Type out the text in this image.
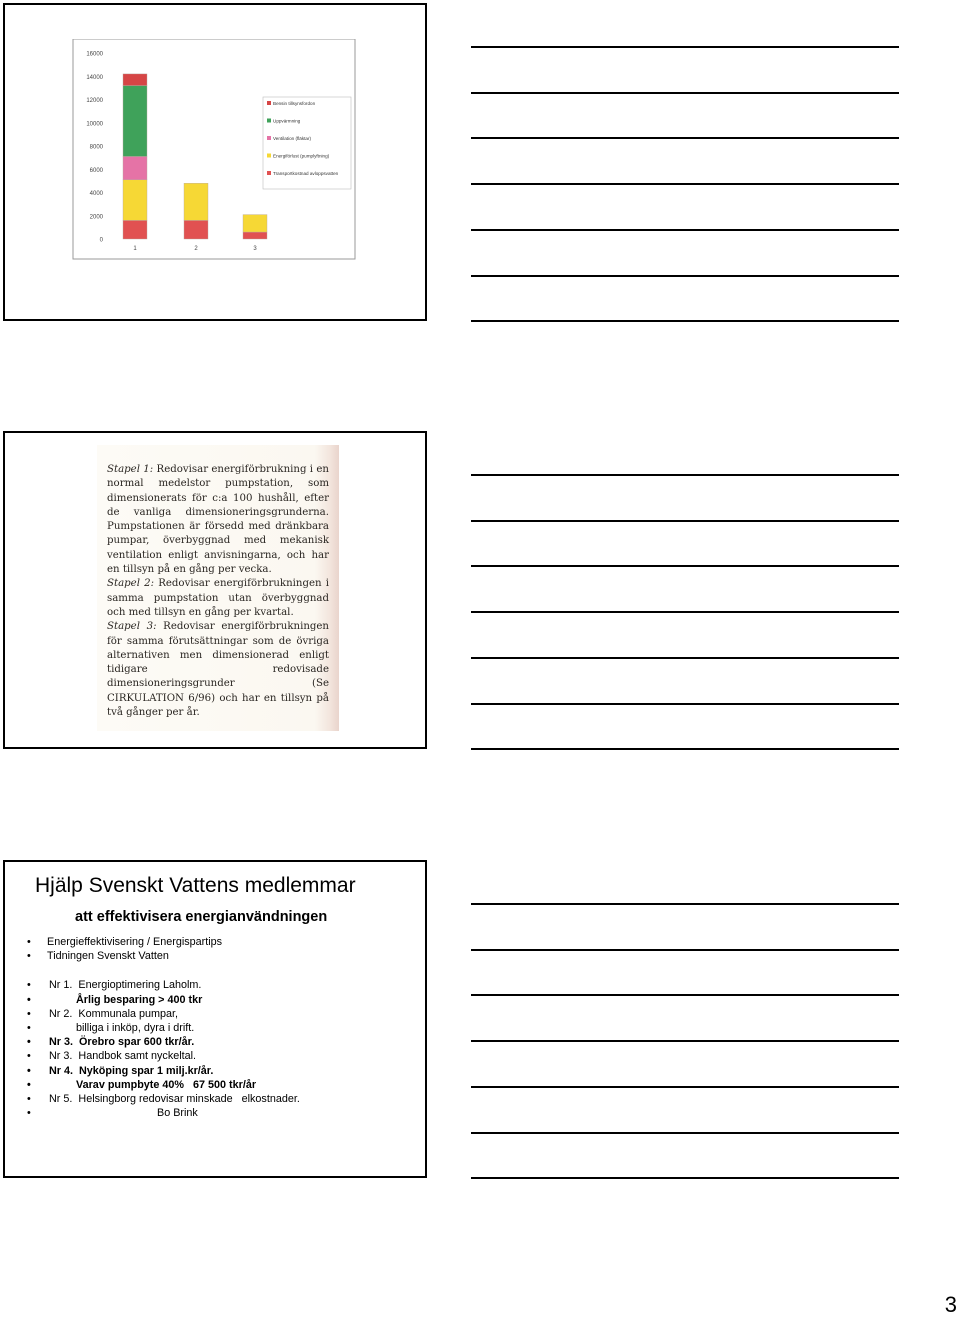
0
2000
4000
6000
8000
10000
12000
14000
16000
1	2	3
Bensin tillsynsfordon
Uppvärmning
Ventilation (fläktar)
Energiförlust (pumplyftning)
Transportkostnad avloppsvatten

Stapel 1: Redovisar energiförbrukning i en normal medelstor pumpstation, som dimensionerats för c:a 100 hushåll, efter de vanliga dimensioneringsgrunderna. Pumpstationen är försedd med dränkbara pumpar, överbyggnad med mekanisk ventilation enligt anvisningarna, och har en tillsyn på en gång per vecka.

Stapel 2: Redovisar energiförbrukningen i samma pumpstation utan överbyggnad och med tillsyn en gång per kvartal.

Stapel 3: Redovisar energiförbrukningen för samma förutsättningar som de övriga alternativen men dimensionerad enligt tidigare redovisade dimensioneringsgrunder (Se CIRKULATION 6/96) och har en tillsyn på två gånger per år.

Hjälp Svenskt Vattens medlemmar
att effektivisera energianvändningen
• Energieffektivisering / Energispartips
• Tidningen Svenskt Vatten
• Nr 1.  Energioptimering Laholm.
• Årlig besparing > 400 tkr
• Nr 2.  Kommunala pumpar,
• billiga i inköp, dyra i drift.
• Nr 3.  Örebro spar 600 tkr/år.
• Nr 3.  Handbok samt nyckeltal.
• Nr 4.  Nyköping spar 1 milj.kr/år.
• Varav pumpbyte 40%   67 500 tkr/år
• Nr 5.  Helsingborg redovisar minskade   elkostnader.
• Bo Brink
3
